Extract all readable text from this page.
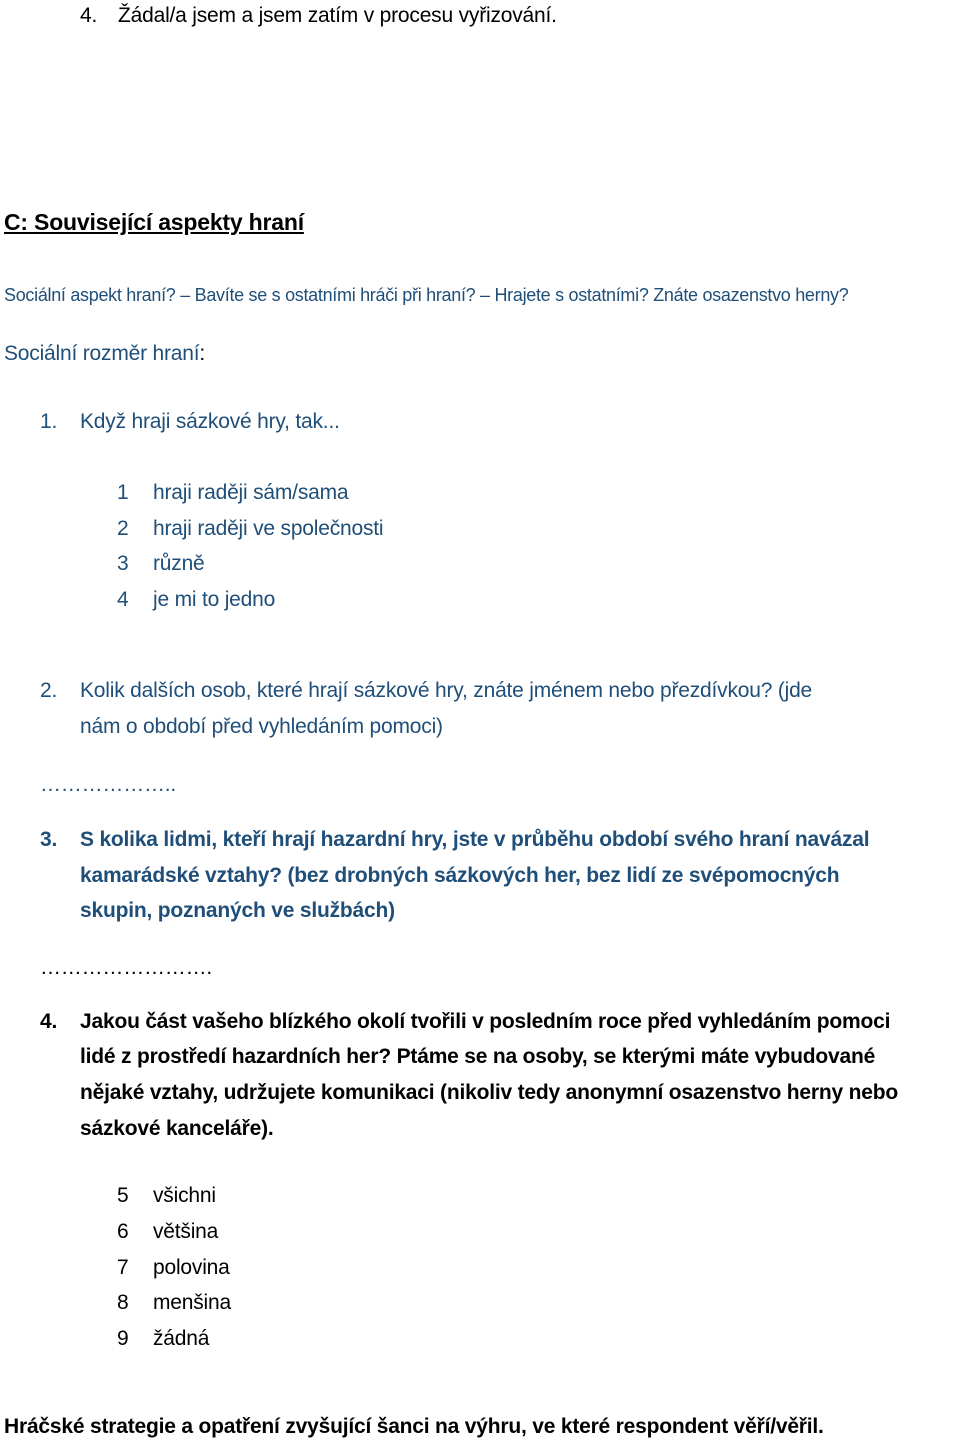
4. Žádal/a jsem a jsem zatím v procesu vyřizování.
C: Související aspekty hraní
Sociální aspekt hraní? – Bavíte se s ostatními hráči při hraní? – Hrajete s ostatními? Znáte osazenstvo herny?
Sociální rozměr hraní:
1. Když hraji sázkové hry, tak...
1 hraji raději sám/sama
2 hraji raději ve společnosti
3 různě
4 je mi to jedno
2. Kolik dalších osob, které hrají sázkové hry, znáte jménem nebo přezdívkou? (jde
nám o období před vyhledáním pomoci)
………………..
3. S kolika lidmi, kteří hrají hazardní hry, jste v průběhu období svého hraní navázal
kamarádské vztahy? (bez drobných sázkových her, bez lidí ze svépomocných
skupin, poznaných ve službách)
…………………….
4. Jakou část vašeho blízkého okolí tvořili v posledním roce před vyhledáním pomoci
lidé z prostředí hazardních her? Ptáme se na osoby, se kterými máte vybudované
nějaké vztahy, udržujete komunikaci (nikoliv tedy anonymní osazenstvo herny nebo
sázkové kanceláře).
5 všichni
6 většina
7 polovina
8 menšina
9 žádná
Hráčské strategie a opatření zvyšující šanci na výhru, ve které respondent věří/věřil.
